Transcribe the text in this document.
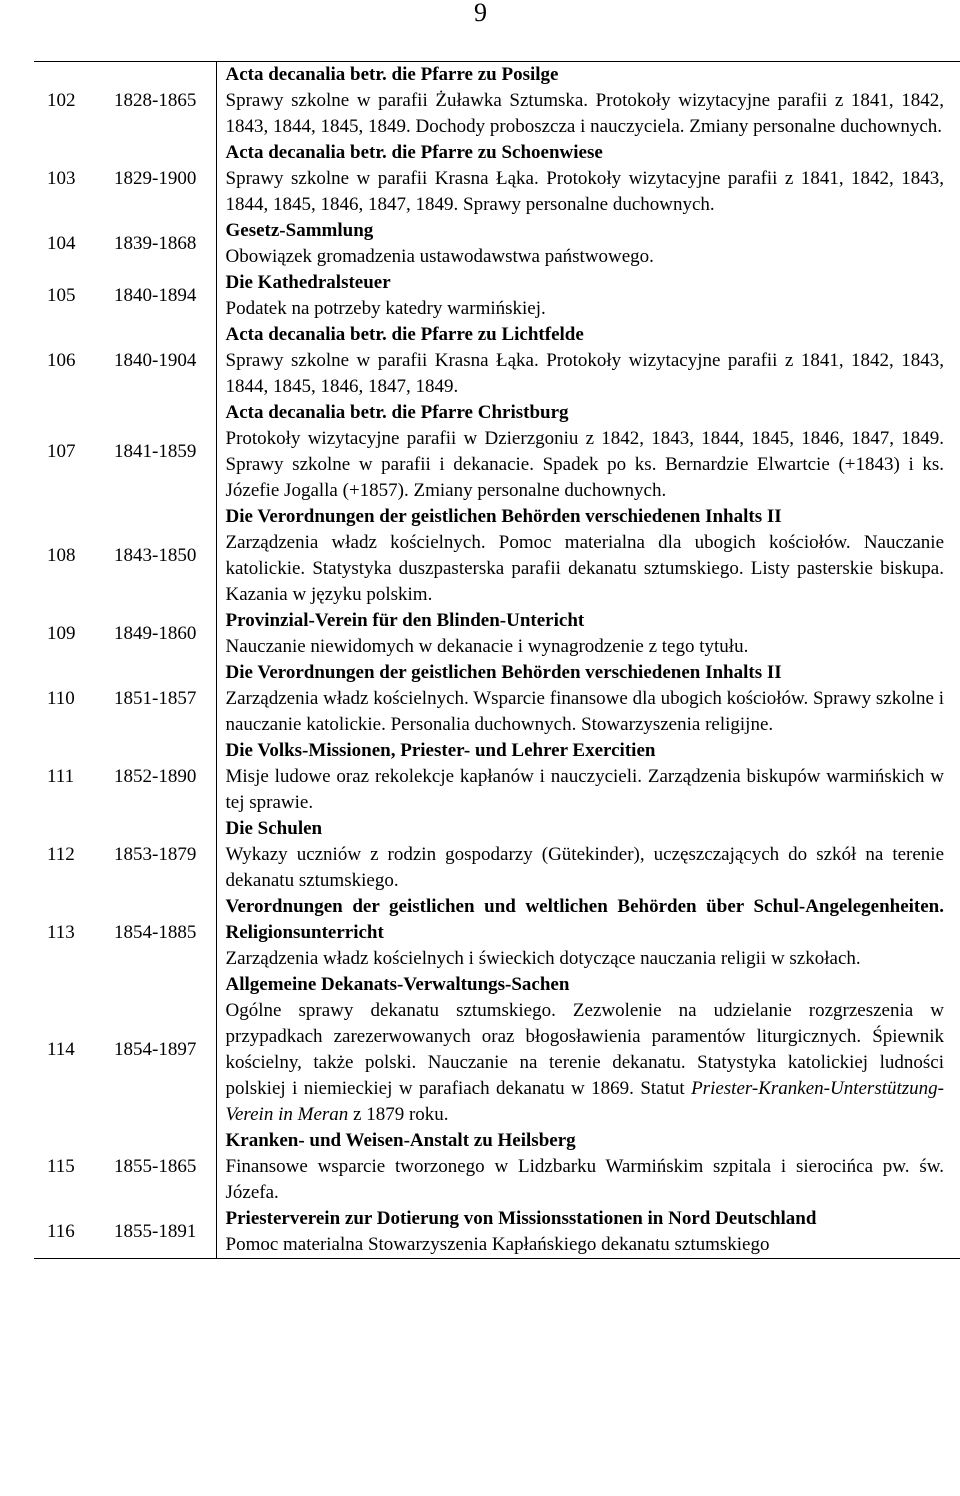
9
102	1828-1865	Acta decanalia betr. die Pfarre zu Posilge
Sprawy szkolne w parafii Żuławka Sztumska. Protokoły wizytacyjne parafii z 1841, 1842, 1843, 1844, 1845, 1849. Dochody proboszcza i nauczyciela. Zmiany personalne duchownych.

103	1829-1900	Acta decanalia betr. die Pfarre zu Schoenwiese
Sprawy szkolne w parafii Krasna Łąka. Protokoły wizytacyjne parafii z 1841, 1842, 1843, 1844, 1845, 1846, 1847, 1849. Sprawy personalne duchownych.

104	1839-1868	Gesetz-Sammlung
Obowiązek gromadzenia ustawodawstwa państwowego.

105	1840-1894	Die Kathedralsteuer
Podatek na potrzeby katedry warmińskiej.

106	1840-1904	Acta decanalia betr. die Pfarre zu Lichtfelde
Sprawy szkolne w parafii Krasna Łąka. Protokoły wizytacyjne parafii z 1841, 1842, 1843, 1844, 1845, 1846, 1847, 1849.

107	1841-1859	Acta decanalia betr. die Pfarre Christburg
Protokoły wizytacyjne parafii w Dzierzgoniu z 1842, 1843, 1844, 1845, 1846, 1847, 1849. Sprawy szkolne w parafii i dekanacie. Spadek po ks. Bernardzie Elwartcie (+1843) i ks. Józefie Jogalla (+1857). Zmiany personalne duchownych.

108	1843-1850	Die Verordnungen der geistlichen Behörden verschiedenen Inhalts II
Zarządzenia władz kościelnych. Pomoc materialna dla ubogich kościołów. Nauczanie katolickie. Statystyka duszpasterska parafii dekanatu sztumskiego. Listy pasterskie biskupa. Kazania w języku polskim.

109	1849-1860	Provinzial-Verein für den Blinden-Untericht
Nauczanie niewidomych w dekanacie i wynagrodzenie z tego tytułu.

110	1851-1857	Die Verordnungen der geistlichen Behörden verschiedenen Inhalts II
Zarządzenia władz kościelnych. Wsparcie finansowe dla ubogich kościołów. Sprawy szkolne i nauczanie katolickie. Personalia duchownych. Stowarzyszenia religijne.

111	1852-1890	Die Volks-Missionen, Priester- und Lehrer Exercitien
Misje ludowe oraz rekolekcje kapłanów i nauczycieli. Zarządzenia biskupów warmińskich w tej sprawie.

112	1853-1879	Die Schulen
Wykazy uczniów z rodzin gospodarzy (Gütekinder), uczęszczających do szkół na terenie dekanatu sztumskiego.

113	1854-1885	Verordnungen der geistlichen und weltlichen Behörden über Schul-Angelegenheiten. Religionsunterricht
Zarządzenia władz kościelnych i świeckich dotyczące nauczania religii w szkołach.

114	1854-1897	Allgemeine Dekanats-Verwaltungs-Sachen
Ogólne sprawy dekanatu sztumskiego. Zezwolenie na udzielanie rozgrzeszenia w przypadkach zarezerwowanych oraz błogosławienia paramentów liturgicznych. Śpiewnik kościelny, także polski. Nauczanie na terenie dekanatu. Statystyka katolickiej ludności polskiej i niemieckiej w parafiach dekanatu w 1869. Statut Priester-Kranken-Unterstützung-Verein in Meran z 1879 roku.

115	1855-1865	Kranken- und Weisen-Anstalt zu Heilsberg
Finansowe wsparcie tworzonego w Lidzbarku Warmińskim szpitala i sierocińca pw. św. Józefa.

116	1855-1891	Priesterverein zur Dotierung von Missionsstationen in Nord Deutschland
Pomoc materialna Stowarzyszenia Kapłańskiego dekanatu sztumskiego
